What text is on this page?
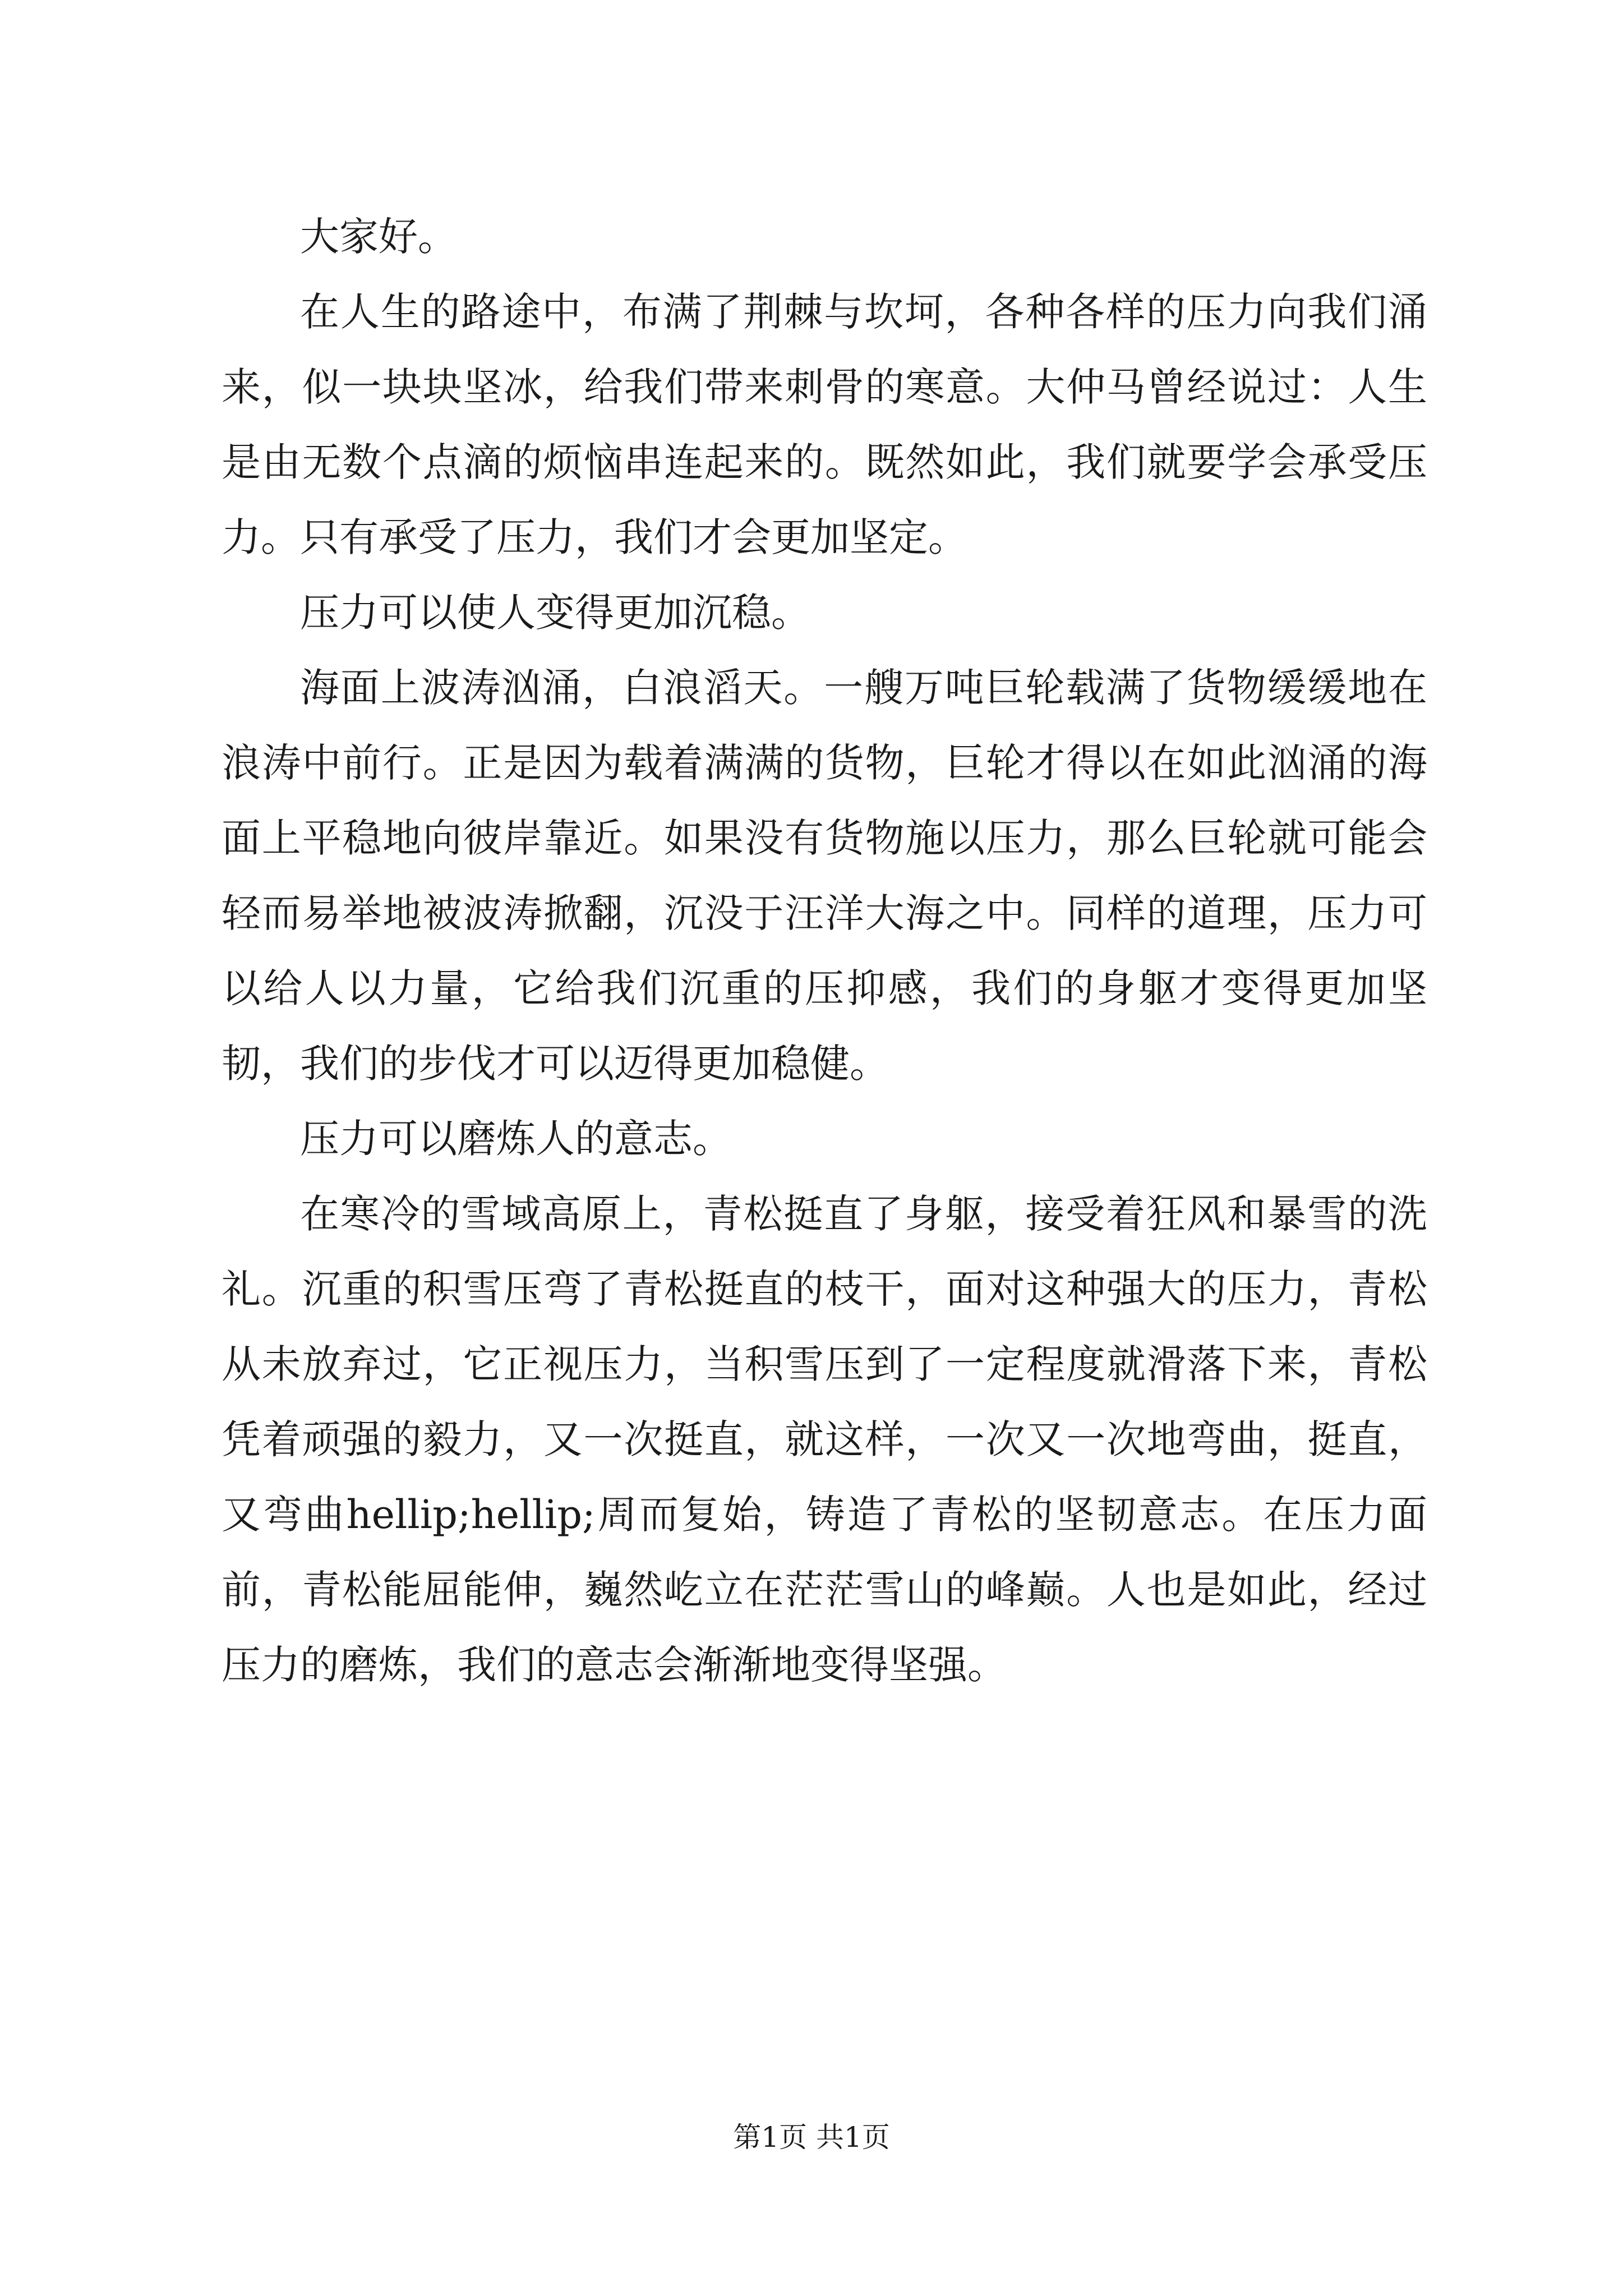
大家好。

在人生的路途中，布满了荆棘与坎坷，各种各样的压力向我们涌来，似一块块坚冰，给我们带来刺骨的寒意。大仲马曾经说过：人生是由无数个点滴的烦恼串连起来的。既然如此，我们就要学会承受压力。只有承受了压力，我们才会更加坚定。

压力可以使人变得更加沉稳。

海面上波涛汹涌，白浪滔天。一艘万吨巨轮载满了货物缓缓地在浪涛中前行。正是因为载着满满的货物，巨轮才得以在如此汹涌的海面上平稳地向彼岸靠近。如果没有货物施以压力，那么巨轮就可能会轻而易举地被波涛掀翻，沉没于汪洋大海之中。同样的道理，压力可以给人以力量，它给我们沉重的压抑感，我们的身躯才变得更加坚韧，我们的步伐才可以迈得更加稳健。

压力可以磨炼人的意志。

在寒冷的雪域高原上，青松挺直了身躯，接受着狂风和暴雪的洗礼。沉重的积雪压弯了青松挺直的枝干，面对这种强大的压力，青松从未放弃过，它正视压力，当积雪压到了一定程度就滑落下来，青松凭着顽强的毅力，又一次挺直，就这样，一次又一次地弯曲，挺直，又弯曲hellip;hellip;周而复始，铸造了青松的坚韧意志。在压力面前，青松能屈能伸，巍然屹立在茫茫雪山的峰巅。人也是如此，经过压力的磨炼，我们的意志会渐渐地变得坚强。

第1页 共1页
